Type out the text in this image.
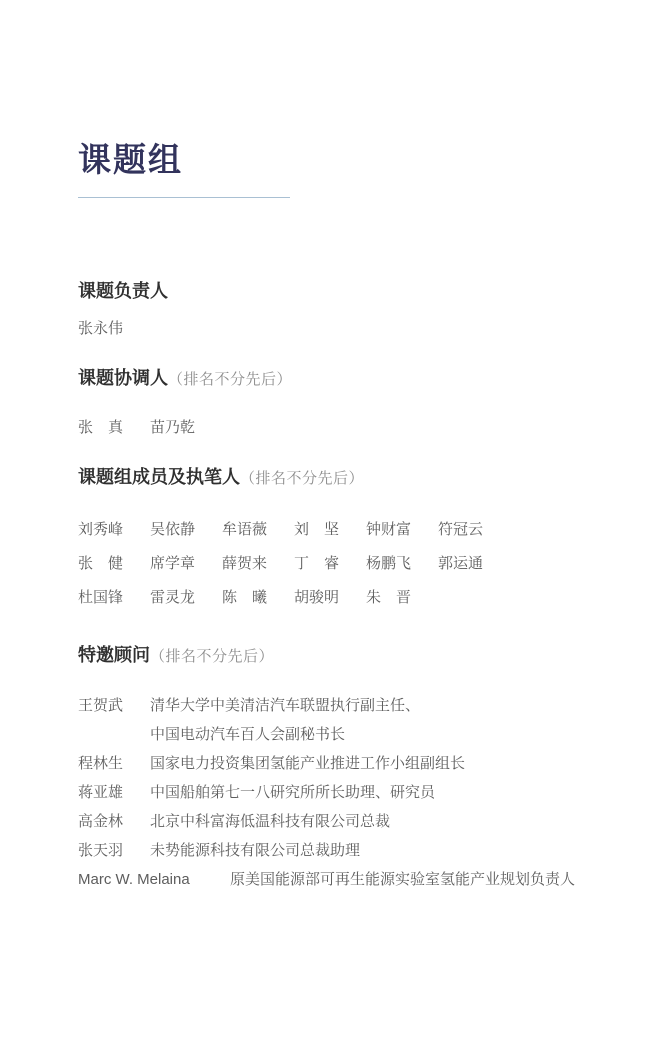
课题组
课题负责人
张永伟
课题协调人（排名不分先后）
张　真 苗乃乾
课题组成员及执笔人（排名不分先后）
刘秀峰 吴依静 牟语薇 刘　坚 钟财富 符冠云
张　健 席学章 薛贺来 丁　睿 杨鹏飞 郭运通
杜国锋 雷灵龙 陈　曦 胡骏明 朱　晋
特邀顾问（排名不分先后）
王贺武	清华大学中美清洁汽车联盟执行副主任、
中国电动汽车百人会副秘书长
程林生	国家电力投资集团氢能产业推进工作小组副组长
蒋亚雄	中国船舶第七一八研究所所长助理、研究员
高金林	北京中科富海低温科技有限公司总裁
张天羽	未势能源科技有限公司总裁助理
Marc W. Melaina	原美国能源部可再生能源实验室氢能产业规划负责人
